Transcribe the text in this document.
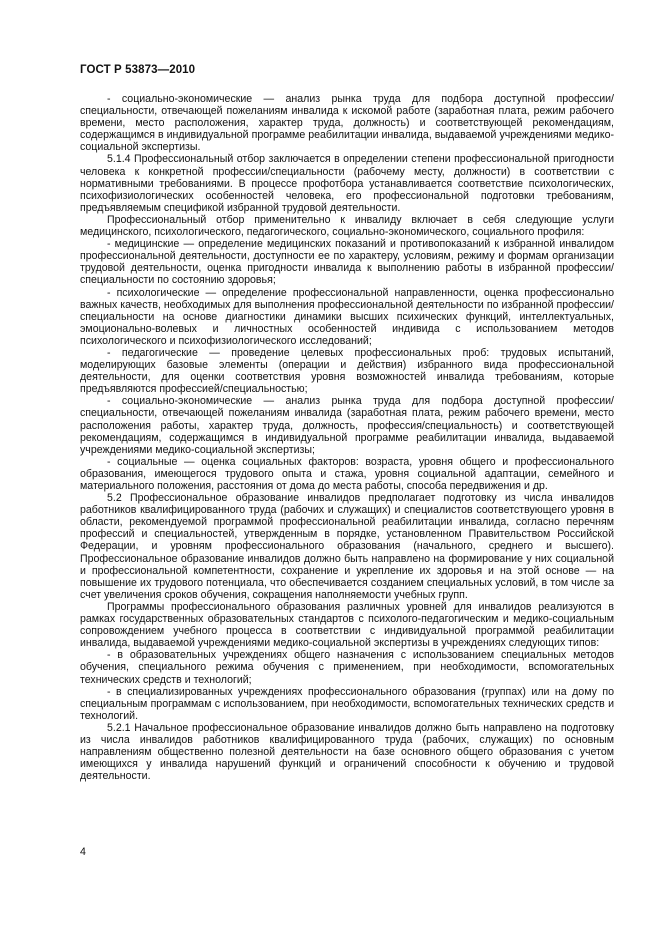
ГОСТ Р 53873—2010

- социально-экономические — анализ рынка труда для подбора доступной профессии/специальности, отвечающей пожеланиям инвалида к искомой работе (заработная плата, режим рабочего времени, место расположения, характер труда, должность) и соответствующей рекомендациям, содержащимся в индивидуальной программе реабилитации инвалида, выдаваемой учреждениями медико-социальной экспертизы.

5.1.4 Профессиональный отбор заключается в определении степени профессиональной пригодности человека к конкретной профессии/специальности (рабочему месту, должности) в соответствии с нормативными требованиями. В процессе профотбора устанавливается соответствие психологических, психофизиологических особенностей человека, его профессиональной подготовки требованиям, предъявляемым спецификой избранной трудовой деятельности.

Профессиональный отбор применительно к инвалиду включает в себя следующие услуги медицинского, психологического, педагогического, социально-экономического, социального профиля:

- медицинские — определение медицинских показаний и противопоказаний к избранной инвалидом профессиональной деятельности, доступности ее по характеру, условиям, режиму и формам организации трудовой деятельности, оценка пригодности инвалида к выполнению работы в избранной профессии/специальности по состоянию здоровья;

- психологические — определение профессиональной направленности, оценка профессионально важных качеств, необходимых для выполнения профессиональной деятельности по избранной профессии/специальности на основе диагностики динамики высших психических функций, интеллектуальных, эмоционально-волевых и личностных особенностей индивида с использованием методов психологического и психофизиологического исследований;

- педагогические — проведение целевых профессиональных проб: трудовых испытаний, моделирующих базовые элементы (операции и действия) избранного вида профессиональной деятельности, для оценки соответствия уровня возможностей инвалида требованиям, которые предъявляются профессией/специальностью;

- социально-экономические — анализ рынка труда для подбора доступной профессии/специальности, отвечающей пожеланиям инвалида (заработная плата, режим рабочего времени, место расположения работы, характер труда, должность, профессия/специальность) и соответствующей рекомендациям, содержащимся в индивидуальной программе реабилитации инвалида, выдаваемой учреждениями медико-социальной экспертизы;

- социальные — оценка социальных факторов: возраста, уровня общего и профессионального образования, имеющегося трудового опыта и стажа, уровня социальной адаптации, семейного и материального положения, расстояния от дома до места работы, способа передвижения и др.

5.2 Профессиональное образование инвалидов предполагает подготовку из числа инвалидов работников квалифицированного труда (рабочих и служащих) и специалистов соответствующего уровня в области, рекомендуемой программой профессиональной реабилитации инвалида, согласно перечням профессий и специальностей, утвержденным в порядке, установленном Правительством Российской Федерации, и уровням профессионального образования (начального, среднего и высшего). Профессиональное образование инвалидов должно быть направлено на формирование у них социальной и профессиональной компетентности, сохранение и укрепление их здоровья и на этой основе — на повышение их трудового потенциала, что обеспечивается созданием специальных условий, в том числе за счет увеличения сроков обучения, сокращения наполняемости учебных групп.

Программы профессионального образования различных уровней для инвалидов реализуются в рамках государственных образовательных стандартов с психолого-педагогическим и медико-социальным сопровождением учебного процесса в соответствии с индивидуальной программой реабилитации инвалида, выдаваемой учреждениями медико-социальной экспертизы в учреждениях следующих типов:

- в образовательных учреждениях общего назначения с использованием специальных методов обучения, специального режима обучения с применением, при необходимости, вспомогательных технических средств и технологий;

- в специализированных учреждениях профессионального образования (группах) или на дому по специальным программам с использованием, при необходимости, вспомогательных технических средств и технологий.

5.2.1 Начальное профессиональное образование инвалидов должно быть направлено на подготовку из числа инвалидов работников квалифицированного труда (рабочих, служащих) по основным направлениям общественно полезной деятельности на базе основного общего образования с учетом имеющихся у инвалида нарушений функций и ограничений способности к обучению и трудовой деятельности.

4
